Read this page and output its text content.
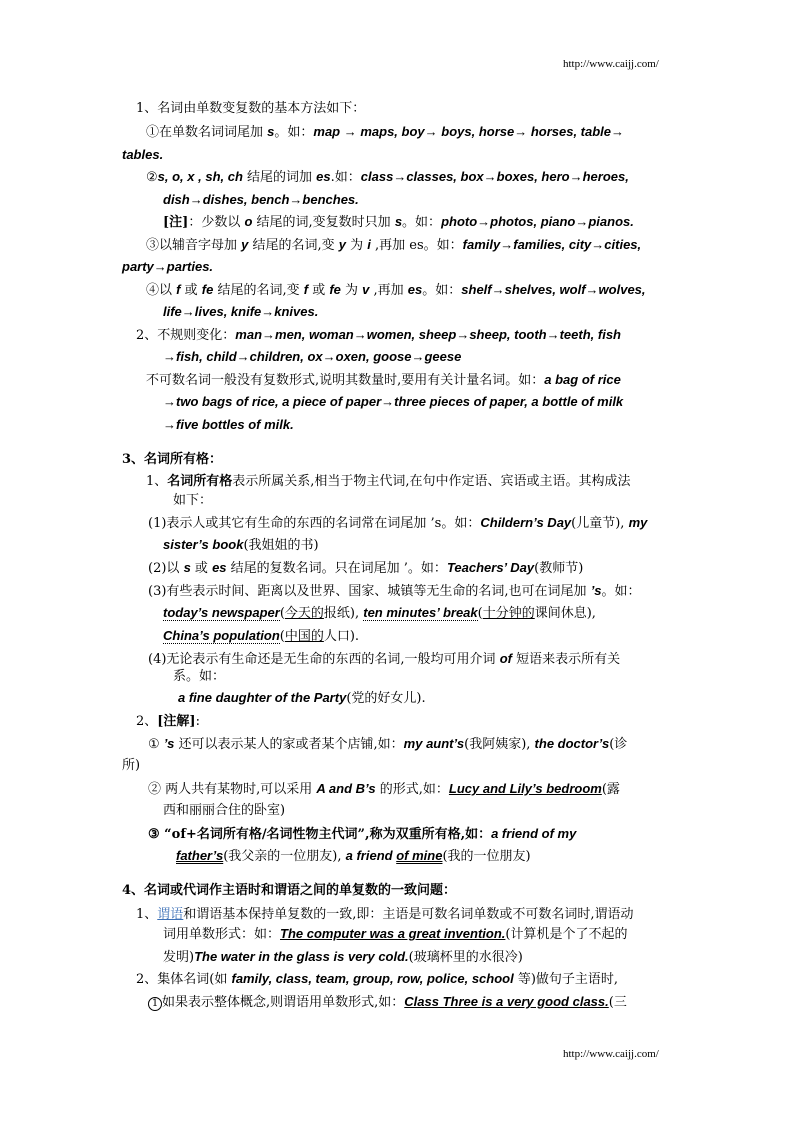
http://www.caijj.com/
1、名词由单数变复数的基本方法如下：
①在单数名词词尾加 s。如：map → maps, boy→ boys, horse→ horses, table→
tables.
②s, o, x , sh, ch 结尾的词加 es.如：class→classes, box→boxes, hero→heroes,
dish→dishes, bench→benches.
[注]：少数以 o 结尾的词,变复数时只加 s。如：photo→photos, piano→pianos.
③以辅音字母加 y 结尾的名词,变 y 为 i ,再加 es。如：family→families, city→cities,
party→parties.
④以 f 或 fe 结尾的名词,变 f 或 fe 为 v ,再加 es。如：shelf→shelves, wolf→wolves,
life→lives, knife→knives.
2、不规则变化：man→men, woman→women, sheep→sheep, tooth→teeth, fish
→fish, child→children, ox→oxen, goose→geese
不可数名词一般没有复数形式,说明其数量时,要用有关计量名词。如：a bag of rice
→two bags of rice, a piece of paper→three pieces of paper, a bottle of milk
→five bottles of milk.
3、名词所有格：
1、名词所有格表示所属关系,相当于物主代词,在句中作定语、宾语或主语。其构成法
如下：
(1)表示人或其它有生命的东西的名词常在词尾加 ’s。如：Childern’s Day(儿童节), my
sister’s book(我姐姐的书)
(2)以 s 或 es 结尾的复数名词。只在词尾加 ’。如：Teachers’ Day(教师节)
(3)有些表示时间、距离以及世界、国家、城镇等无生命的名词,也可在词尾加 ’s。如：
today’s newspaper(今天的报纸), ten minutes’ break(十分钟的课间休息),
China’s population(中国的人口).
(4)无论表示有生命还是无生命的东西的名词,一般均可用介词 of 短语来表示所有关
系。如：
a fine daughter of the Party(党的好女儿).
2、[注解]:
① ’s 还可以表示某人的家或者某个店铺,如：my aunt’s(我阿姨家), the doctor’s(诊
所)
② 两人共有某物时,可以采用 A and B’s 的形式,如：Lucy and Lily’s bedroom(露
西和丽丽合住的卧室)
③ “of+名词所有格/名词性物主代词”,称为双重所有格,如：a friend of my
father’s(我父亲的一位朋友), a friend of mine(我的一位朋友)
4、名词或代词作主语时和谓语之间的单复数的一致问题：
1、谓语和谓语基本保持单复数的一致,即：主语是可数名词单数或不可数名词时,谓语动
词用单数形式：如：The computer was a great invention.(计算机是个了不起的
发明)The water in the glass is very cold.(玻璃杯里的水很冷)
2、集体名词(如 family, class, team, group, row, police, school 等)做句子主语时,
1 如果表示整体概念,则谓语用单数形式,如：Class Three is a very good class.(三
http://www.caijj.com/
